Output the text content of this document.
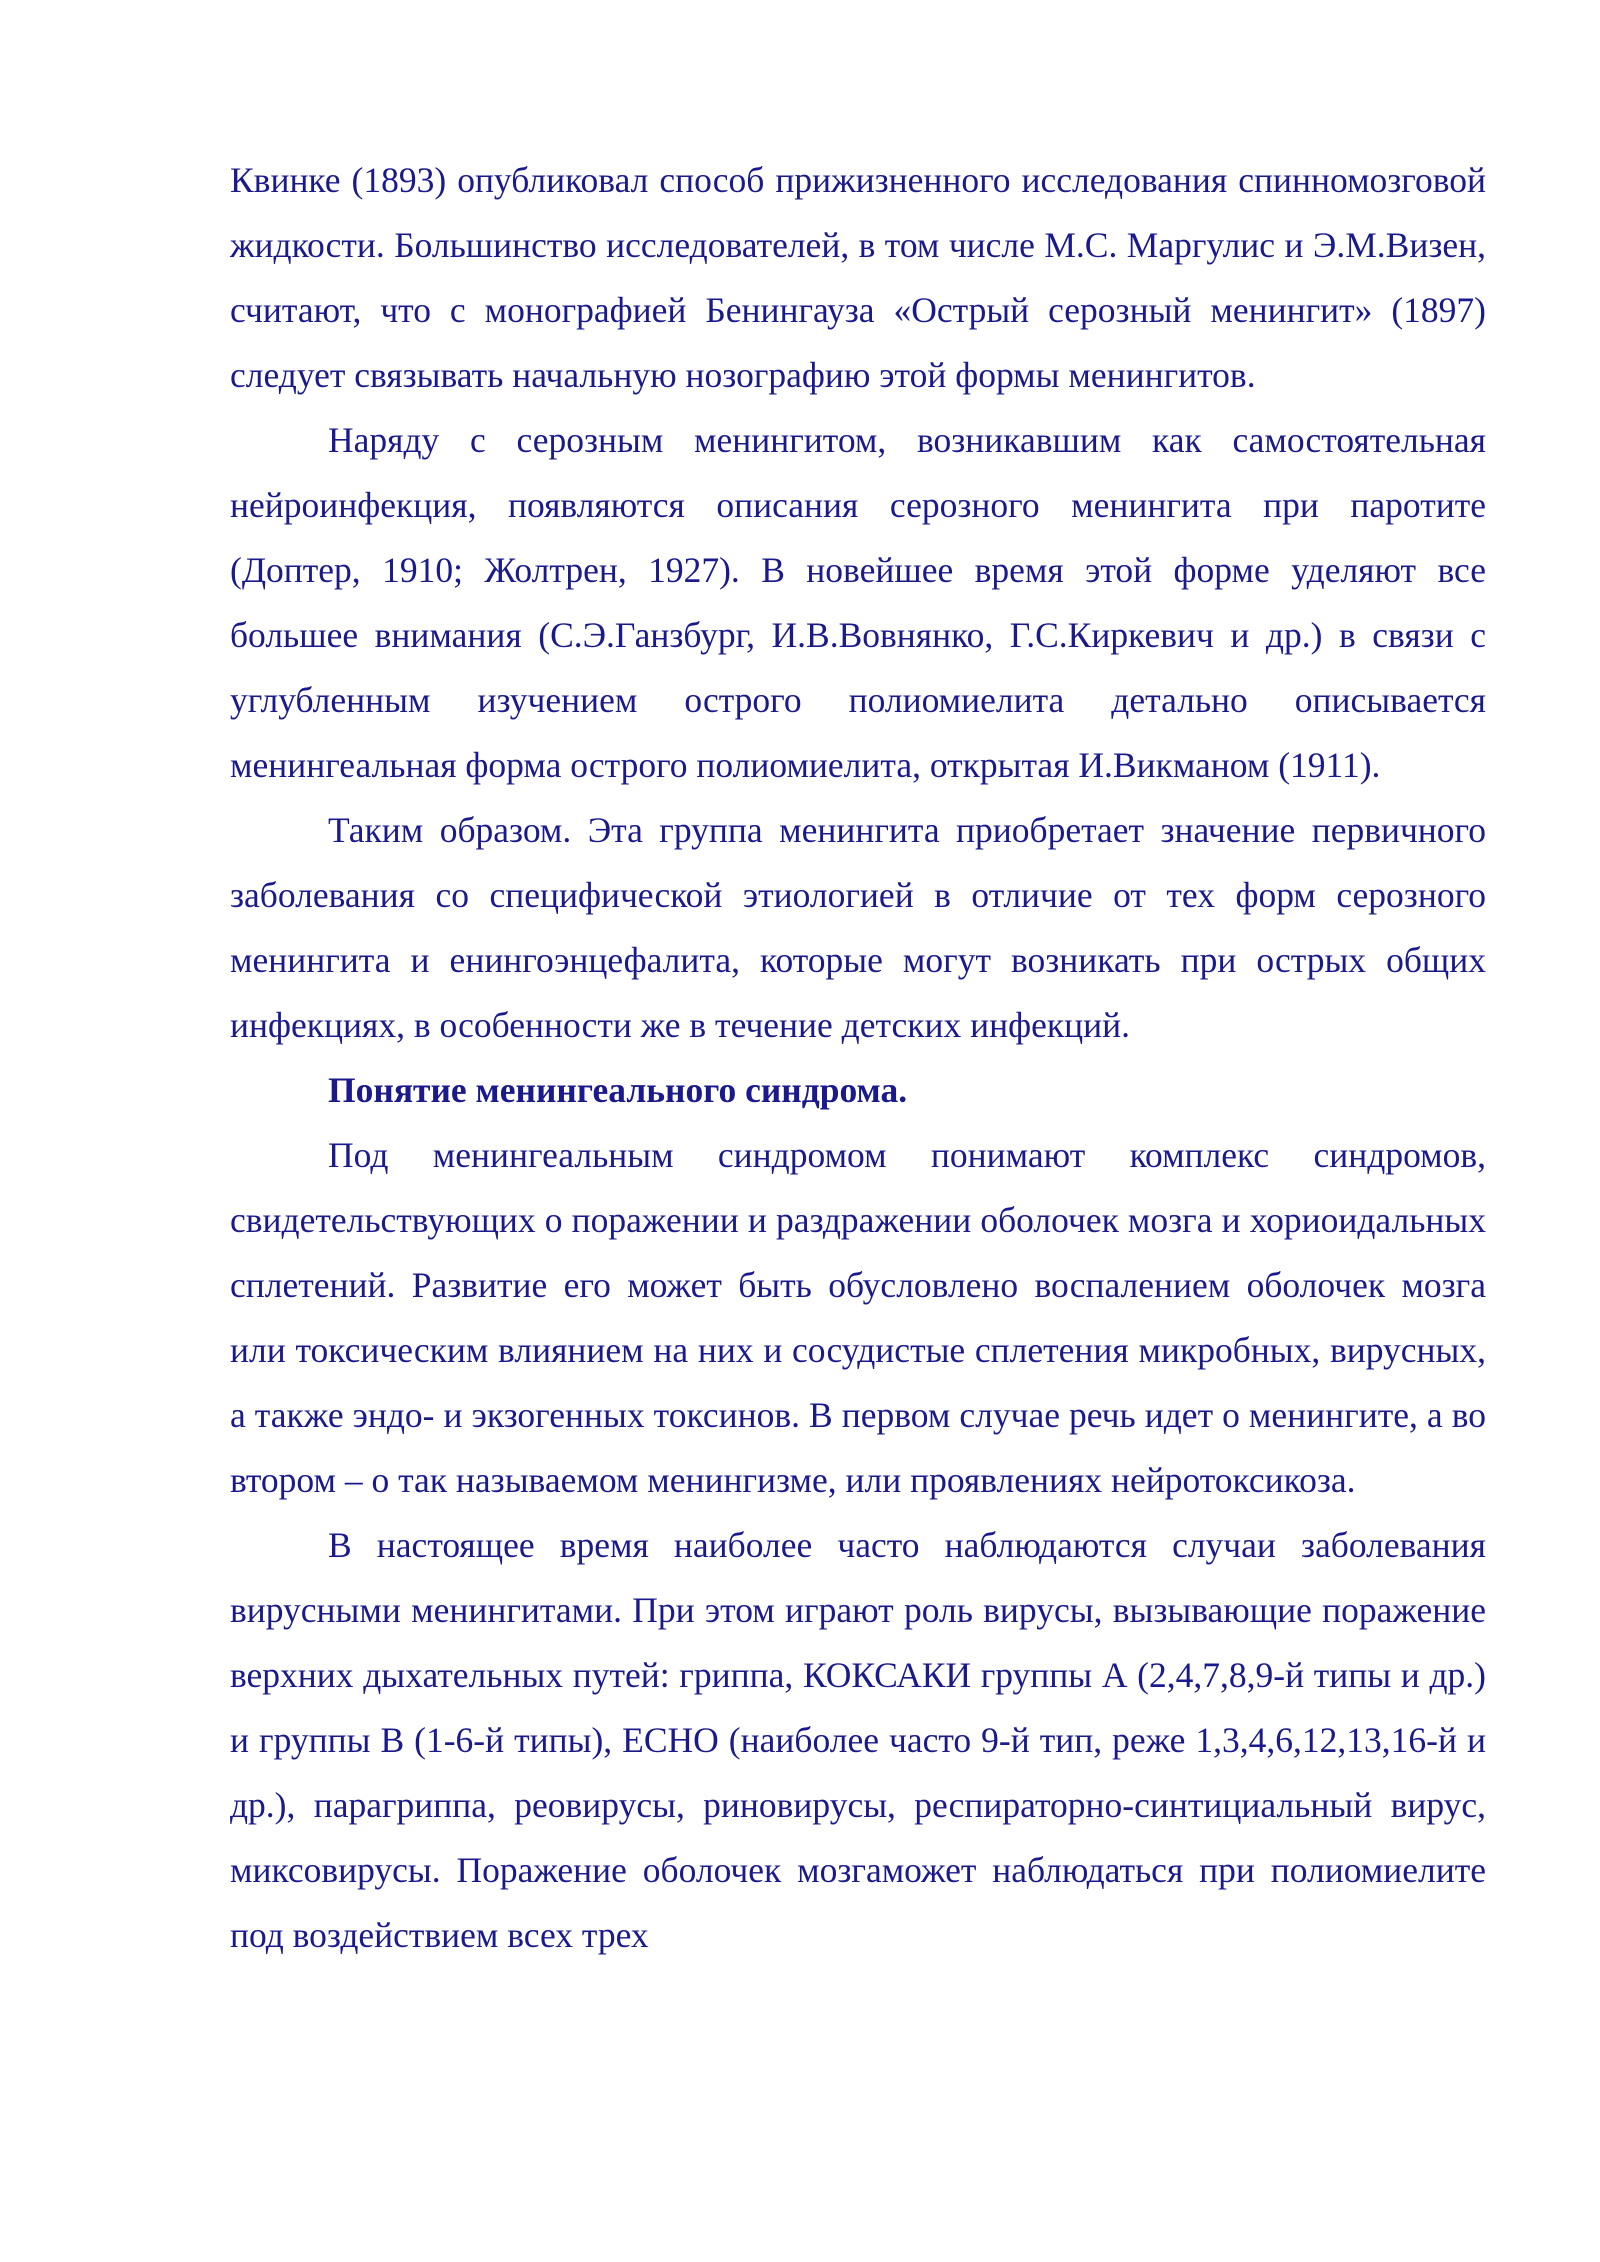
Квинке (1893) опубликовал способ прижизненного исследования спинномозговой жидкости. Большинство исследователей, в том числе М.С. Маргулис и Э.М.Визен, считают, что с монографией Бенингауза «Острый серозный менингит» (1897) следует связывать начальную нозографию этой формы менингитов.

Наряду с серозным менингитом, возникавшим как самостоятельная нейроинфекция, появляются описания серозного менингита при паротите (Доптер, 1910; Жолтрен, 1927). В новейшее время этой форме уделяют все большее внимания (С.Э.Ганзбург, И.В.Вовнянко, Г.С.Киркевич и др.) в связи с углубленным изучением острого полиомиелита детально описывается менингеальная форма острого полиомиелита, открытая И.Викманом (1911).

Таким образом. Эта группа менингита приобретает значение первичного заболевания со специфической этиологией в отличие от тех форм серозного менингита и енингоэнцефалита, которые могут возникать при острых общих инфекциях, в особенности же в течение детских инфекций.

Понятие менингеального синдрома.

Под менингеальным синдромом понимают комплекс синдромов, свидетельствующих о поражении и раздражении оболочек мозга и хориоидальных сплетений. Развитие его может быть обусловлено воспалением оболочек мозга или токсическим влиянием на них и сосудистые сплетения микробных, вирусных, а также эндо- и экзогенных токсинов. В первом случае речь идет о менингите, а во втором – о так называемом менингизме, или проявлениях нейротоксикоза.

В настоящее время наиболее часто наблюдаются случаи заболевания вирусными менингитами. При этом играют роль вирусы, вызывающие поражение верхних дыхательных путей: гриппа, КОКСАКИ группы А (2,4,7,8,9-й типы и др.) и группы В (1-6-й типы), ЕСНО (наиболее часто 9-й тип, реже 1,3,4,6,12,13,16-й и др.), парагриппа, реовирусы, риновирусы, респираторно-синтициальный вирус, миксовирусы. Поражение оболочек мозгаможет наблюдаться при полиомиелите под воздействием всех трех
